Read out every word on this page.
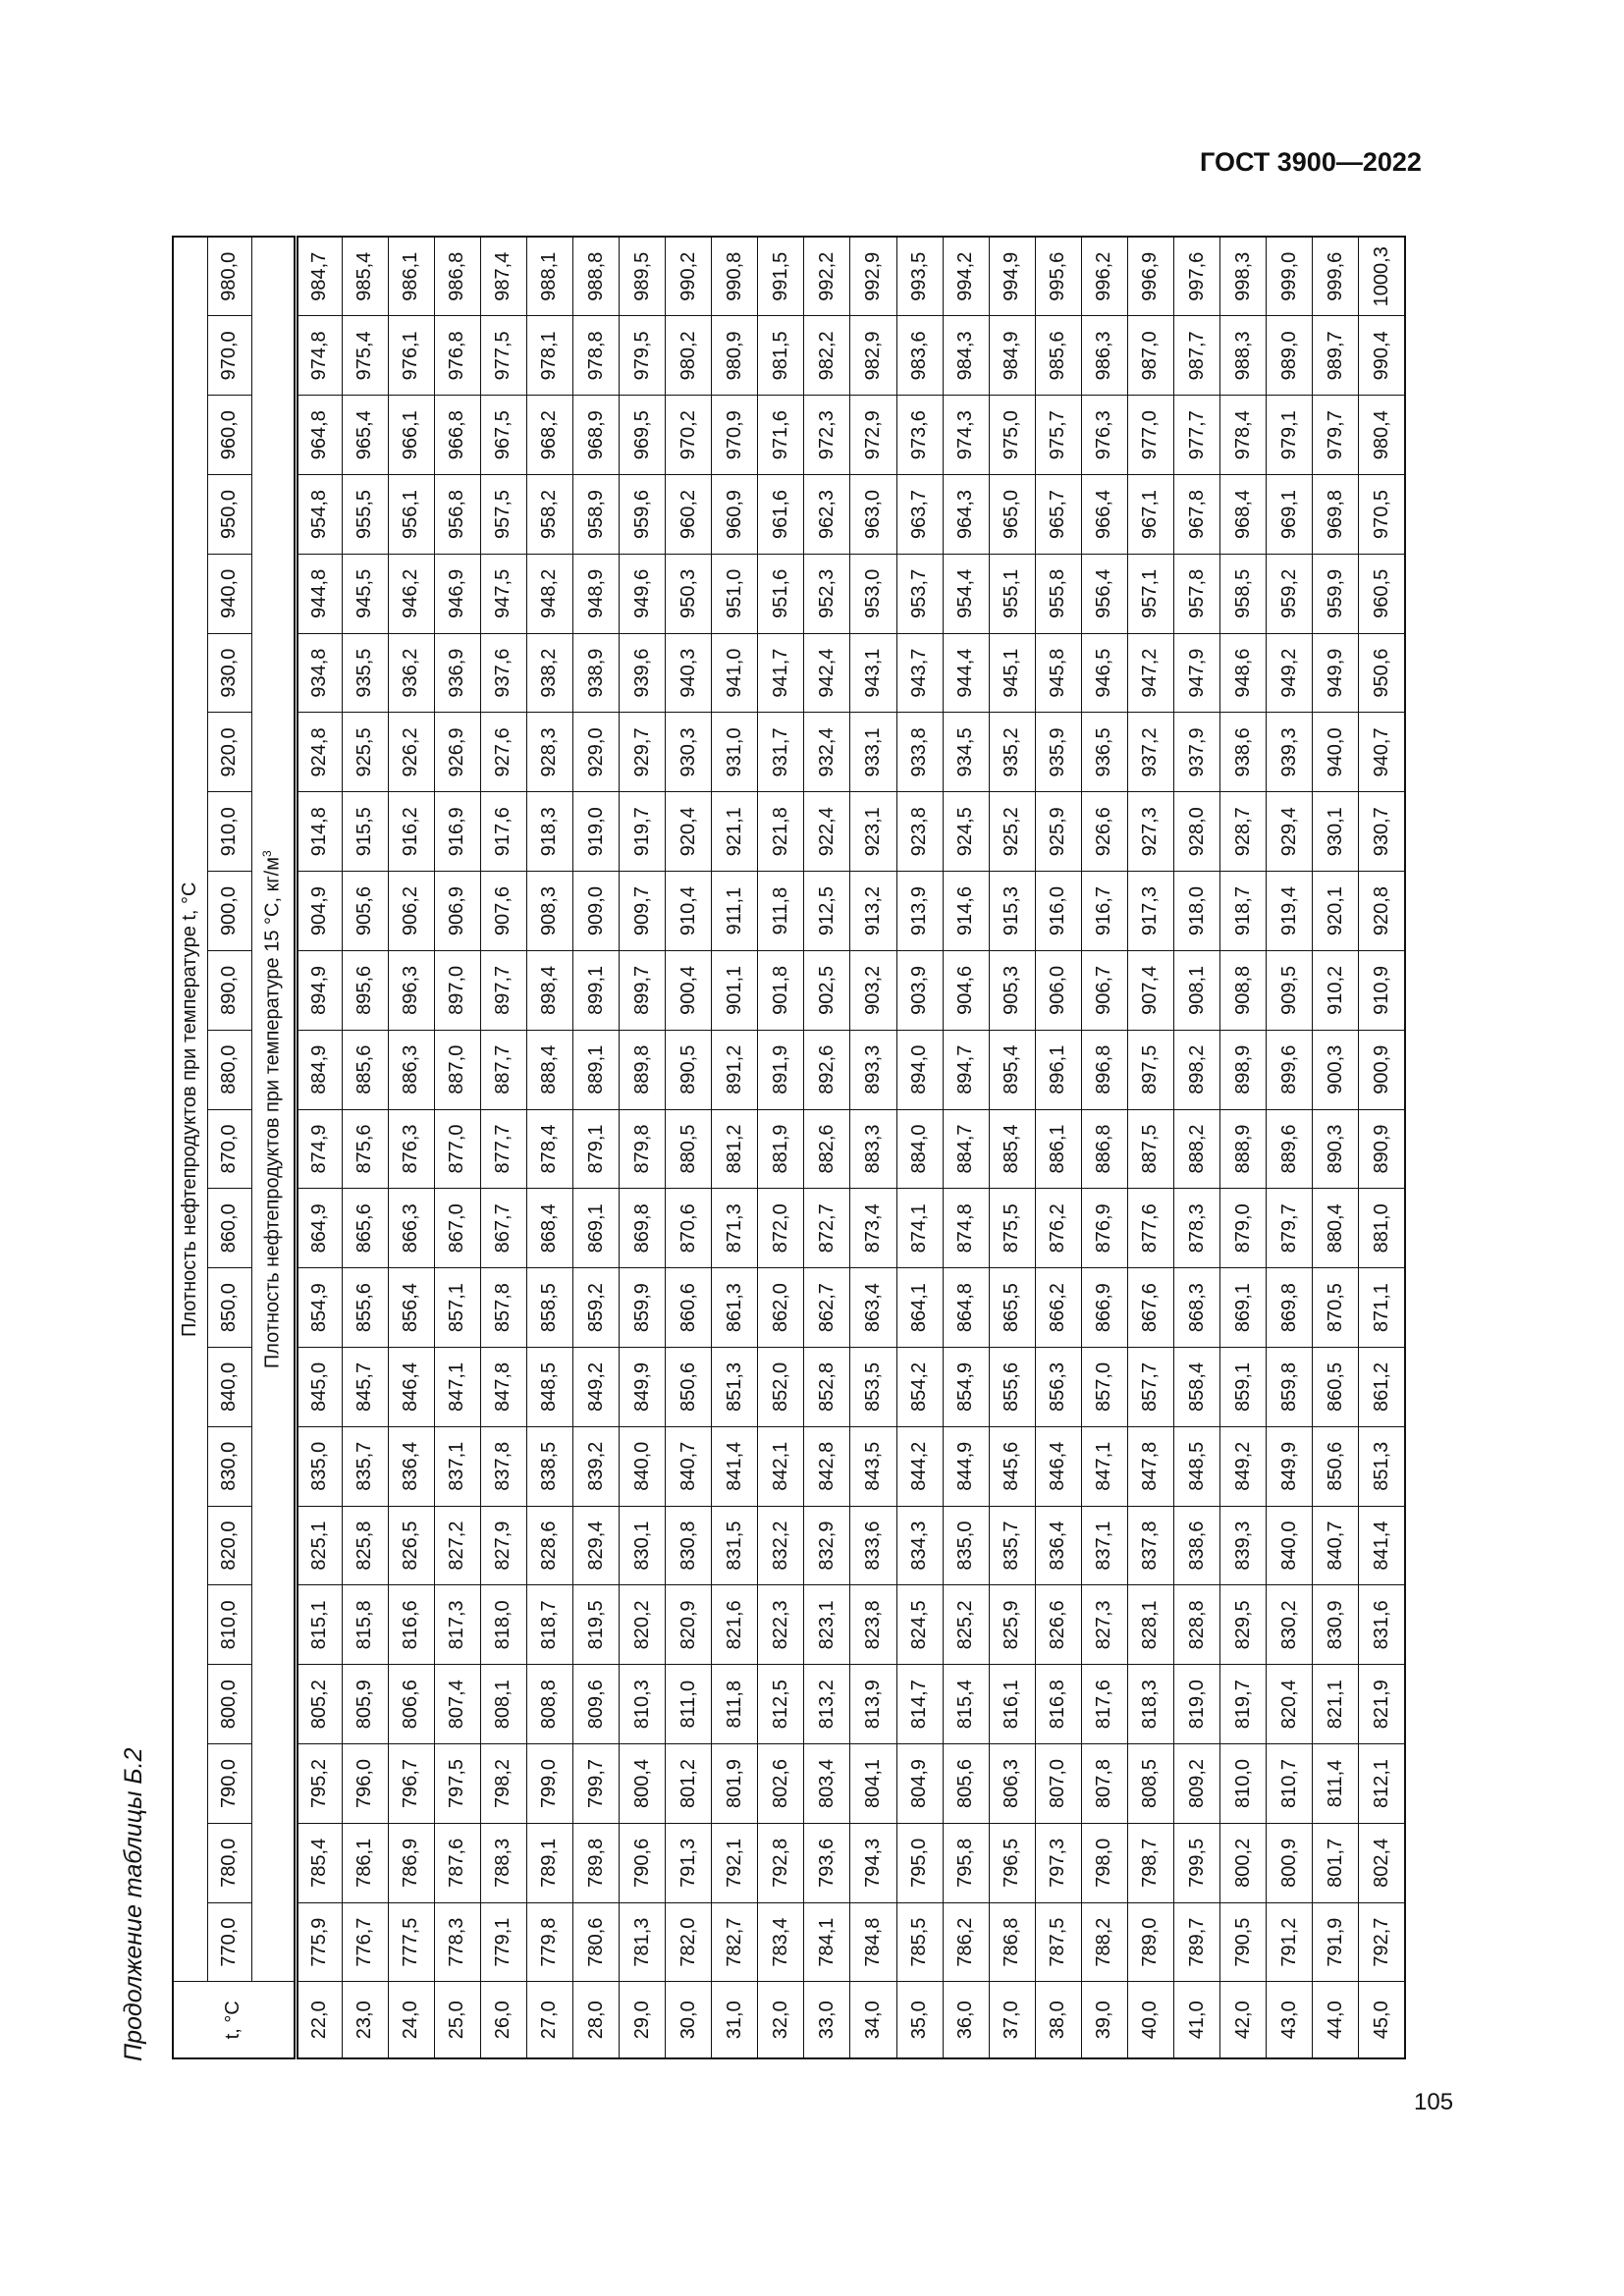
ГОСТ 3900—2022
Продолжение таблицы Б.2	t, °C	Плотность нефтепродуктов при температуре t, °C																					
	770,0	780,0	790,0	800,0	810,0	820,0	830,0	840,0	850,0	860,0	870,0	880,0	890,0	900,0	910,0	920,0	930,0	940,0	950,0	960,0	970,0	980,0
	Плотность нефтепродуктов при температуре 15 °C, $кг/м^3$
22,0	775,9	785,4	795,2	805,2	815,1	825,1	835,0	845,0	854,9	864,9	874,9	884,9	894,9	904,9	914,8	924,8	934,8	944,8	954,8	964,8	974,8	984,7
23,0	776,7	786,1	796,0	805,9	815,8	825,8	835,7	845,7	855,6	865,6	875,6	885,6	895,6	905,6	915,5	925,5	935,5	945,5	955,5	965,4	975,4	985,4
24,0	777,5	786,9	796,7	806,6	816,6	826,5	836,4	846,4	856,4	866,3	876,3	886,3	896,3	906,2	916,2	926,2	936,2	946,2	956,1	966,1	976,1	986,1
25,0	778,3	787,6	797,5	807,4	817,3	827,2	837,1	847,1	857,1	867,0	877,0	887,0	897,0	906,9	916,9	926,9	936,9	946,9	956,8	966,8	976,8	986,8
26,0	779,1	788,3	798,2	808,1	818,0	827,9	837,8	847,8	857,8	867,7	877,7	887,7	897,7	907,6	917,6	927,6	937,6	947,5	957,5	967,5	977,5	987,4
27,0	779,8	789,1	799,0	808,8	818,7	828,6	838,5	848,5	858,5	868,4	878,4	888,4	898,4	908,3	918,3	928,3	938,2	948,2	958,2	968,2	978,1	988,1
28,0	780,6	789,8	799,7	809,6	819,5	829,4	839,2	849,2	859,2	869,1	879,1	889,1	899,1	909,0	919,0	929,0	938,9	948,9	958,9	968,9	978,8	988,8
29,0	781,3	790,6	800,4	810,3	820,2	830,1	840,0	849,9	859,9	869,8	879,8	889,8	899,7	909,7	919,7	929,7	939,6	949,6	959,6	969,5	979,5	989,5
30,0	782,0	791,3	801,2	811,0	820,9	830,8	840,7	850,6	860,6	870,6	880,5	890,5	900,4	910,4	920,4	930,3	940,3	950,3	960,2	970,2	980,2	990,2
31,0	782,7	792,1	801,9	811,8	821,6	831,5	841,4	851,3	861,3	871,3	881,2	891,2	901,1	911,1	921,1	931,0	941,0	951,0	960,9	970,9	980,9	990,8
32,0	783,4	792,8	802,6	812,5	822,3	832,2	842,1	852,0	862,0	872,0	881,9	891,9	901,8	911,8	921,8	931,7	941,7	951,6	961,6	971,6	981,5	991,5
33,0	784,1	793,6	803,4	813,2	823,1	832,9	842,8	852,8	862,7	872,7	882,6	892,6	902,5	912,5	922,4	932,4	942,4	952,3	962,3	972,3	982,2	992,2
34,0	784,8	794,3	804,1	813,9	823,8	833,6	843,5	853,5	863,4	873,4	883,3	893,3	903,2	913,2	923,1	933,1	943,1	953,0	963,0	972,9	982,9	992,9
35,0	785,5	795,0	804,9	814,7	824,5	834,3	844,2	854,2	864,1	874,1	884,0	894,0	903,9	913,9	923,8	933,8	943,7	953,7	963,7	973,6	983,6	993,5
36,0	786,2	795,8	805,6	815,4	825,2	835,0	844,9	854,9	864,8	874,8	884,7	894,7	904,6	914,6	924,5	934,5	944,4	954,4	964,3	974,3	984,3	994,2
37,0	786,8	796,5	806,3	816,1	825,9	835,7	845,6	855,6	865,5	875,5	885,4	895,4	905,3	915,3	925,2	935,2	945,1	955,1	965,0	975,0	984,9	994,9
38,0	787,5	797,3	807,0	816,8	826,6	836,4	846,4	856,3	866,2	876,2	886,1	896,1	906,0	916,0	925,9	935,9	945,8	955,8	965,7	975,7	985,6	995,6
39,0	788,2	798,0	807,8	817,6	827,3	837,1	847,1	857,0	866,9	876,9	886,8	896,8	906,7	916,7	926,6	936,5	946,5	956,4	966,4	976,3	986,3	996,2
40,0	789,0	798,7	808,5	818,3	828,1	837,8	847,8	857,7	867,6	877,6	887,5	897,5	907,4	917,3	927,3	937,2	947,2	957,1	967,1	977,0	987,0	996,9
41,0	789,7	799,5	809,2	819,0	828,8	838,6	848,5	858,4	868,3	878,3	888,2	898,2	908,1	918,0	928,0	937,9	947,9	957,8	967,8	977,7	987,7	997,6
42,0	790,5	800,2	810,0	819,7	829,5	839,3	849,2	859,1	869,1	879,0	888,9	898,9	908,8	918,7	928,7	938,6	948,6	958,5	968,4	978,4	988,3	998,3
43,0	791,2	800,9	810,7	820,4	830,2	840,0	849,9	859,8	869,8	879,7	889,6	899,6	909,5	919,4	929,4	939,3	949,2	959,2	969,1	979,1	989,0	999,0
44,0	791,9	801,7	811,4	821,1	830,9	840,7	850,6	860,5	870,5	880,4	890,3	900,3	910,2	920,1	930,1	940,0	949,9	959,9	969,8	979,7	989,7	999,6
45,0	792,7	802,4	812,1	821,9	831,6	841,4	851,3	861,2	871,1	881,0	890,9	900,9	910,9	920,8	930,7	940,7	950,6	960,5	970,5	980,4	990,4	1000,3
105
